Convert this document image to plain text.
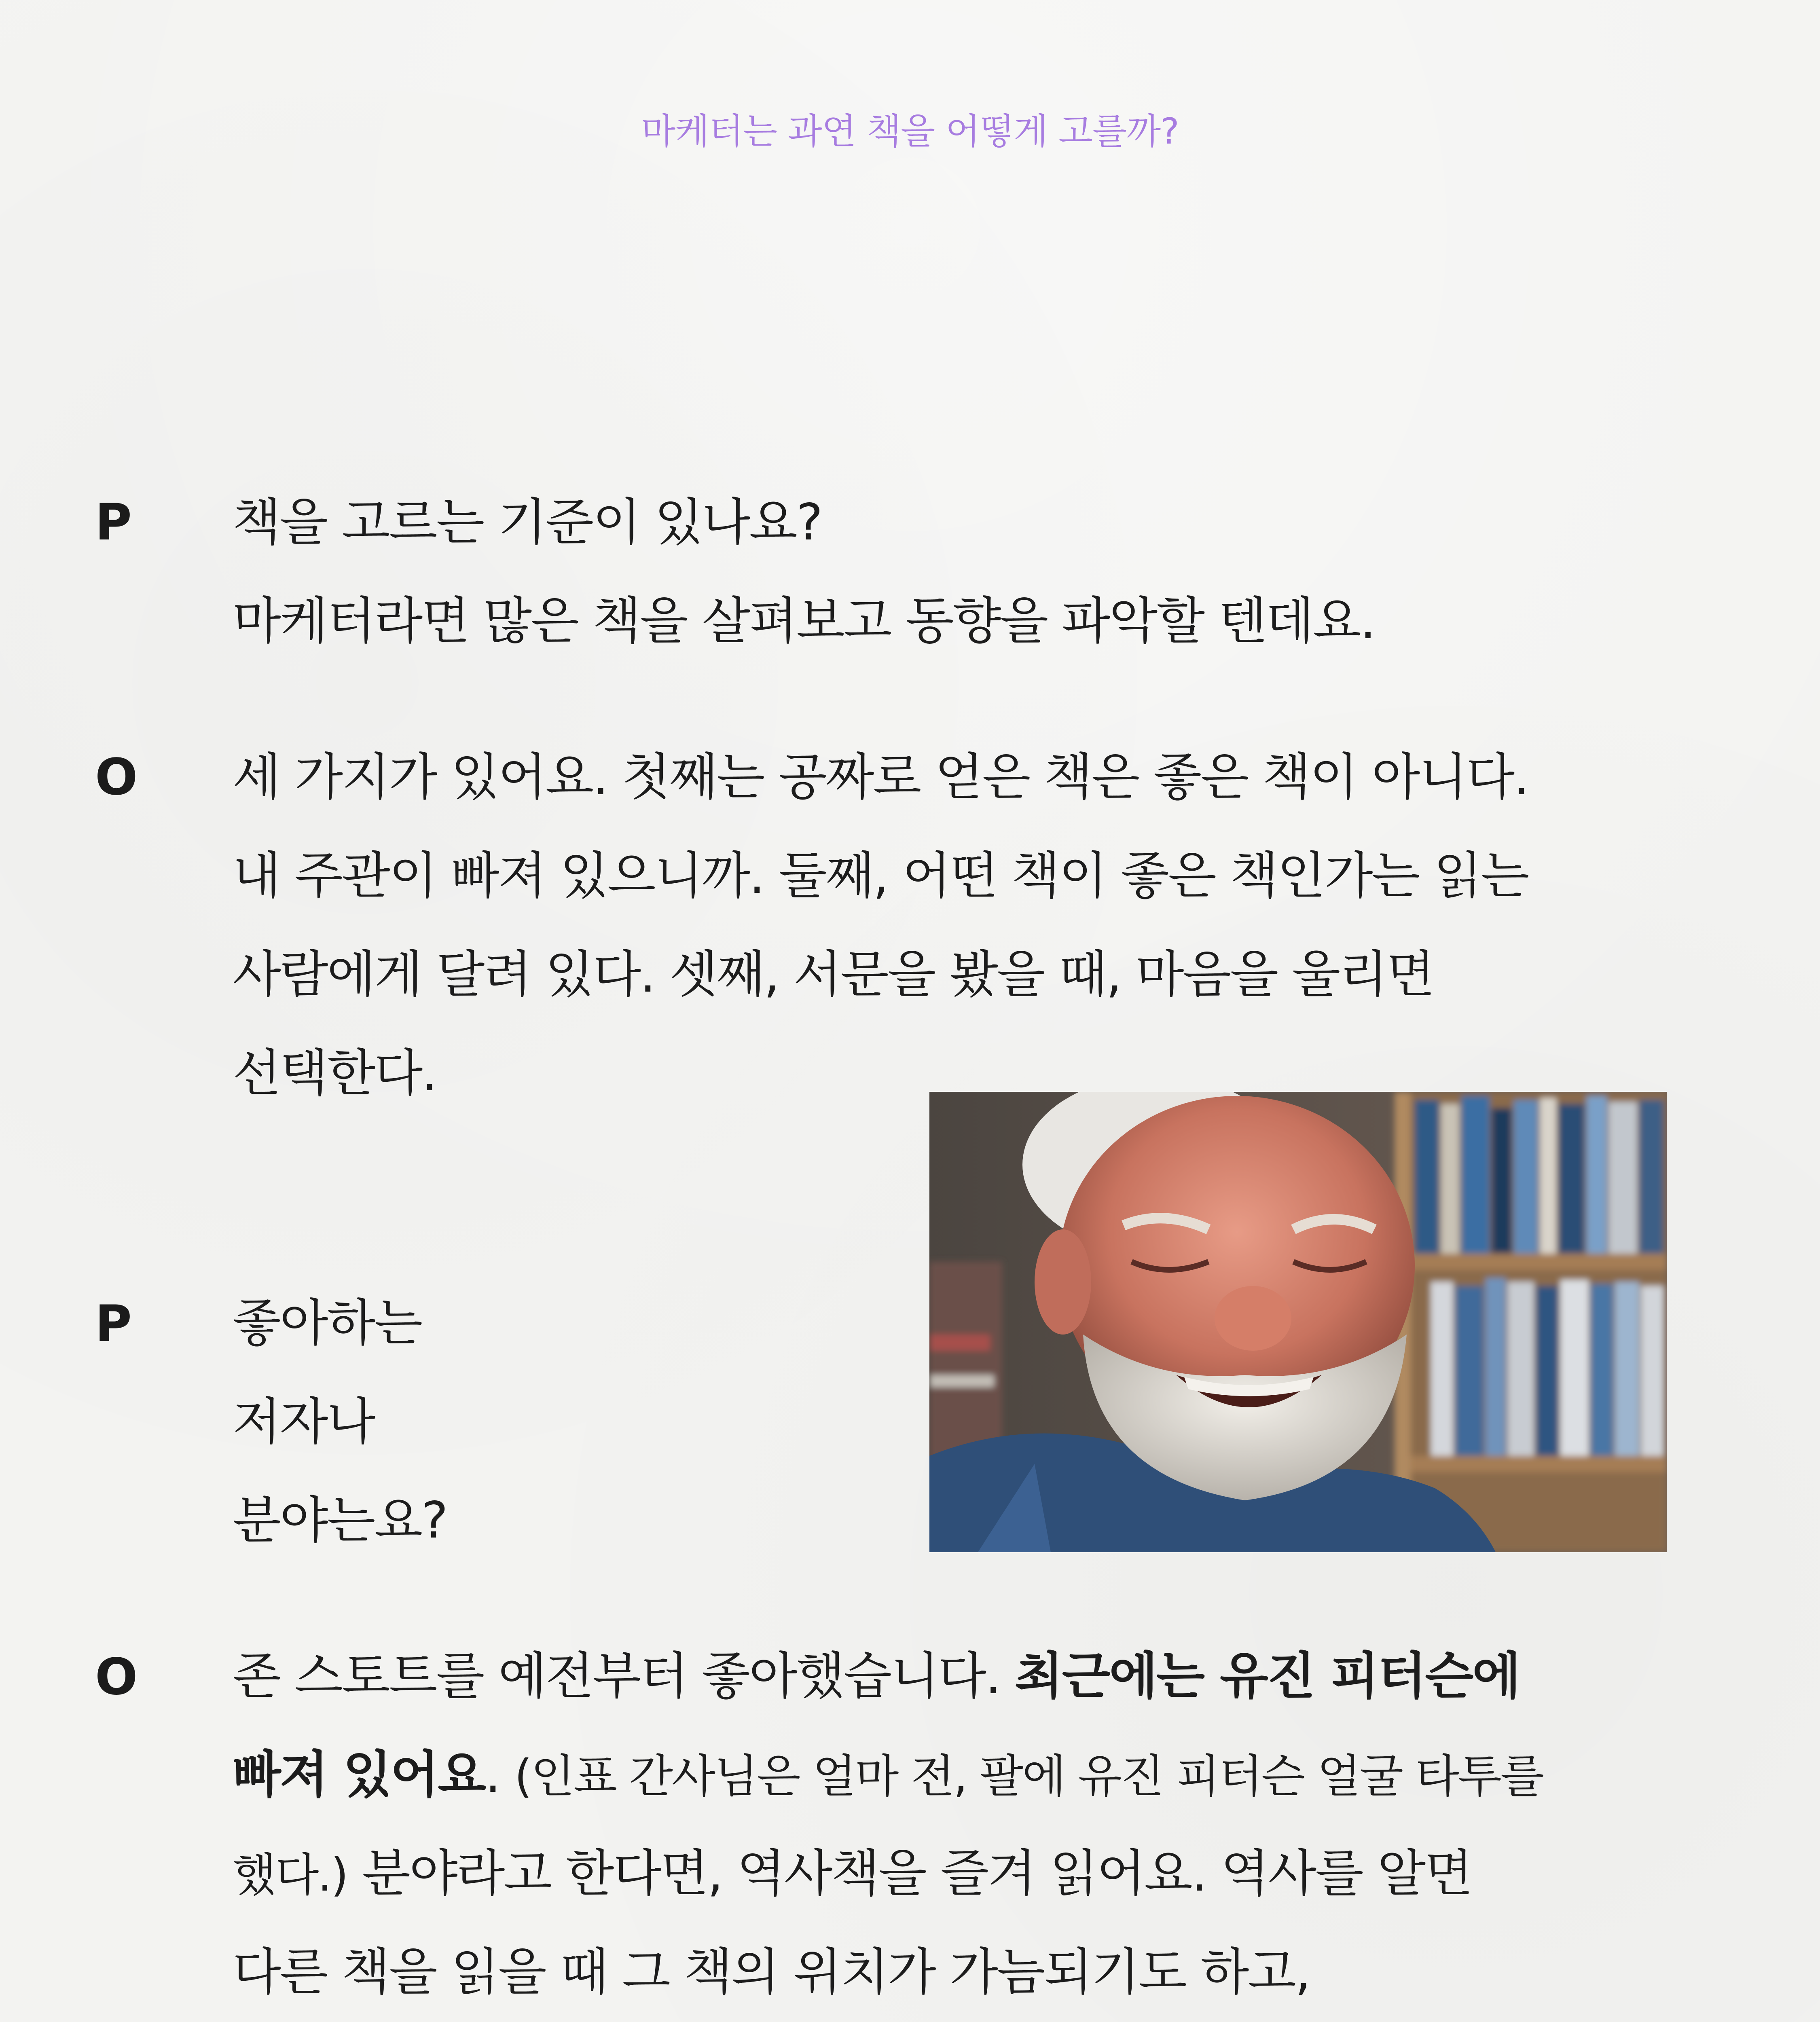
마케터는 과연 책을 어떻게 고를까?
P 책을 고르는 기준이 있나요?
마케터라면 많은 책을 살펴보고 동향을 파악할 텐데요.
O 세 가지가 있어요. 첫째는 공짜로 얻은 책은 좋은 책이 아니다.
내 주관이 빠져 있으니까. 둘째, 어떤 책이 좋은 책인가는 읽는
사람에게 달려 있다. 셋째, 서문을 봤을 때, 마음을 울리면
선택한다.
P 좋아하는
저자나
분야는요?
O 존 스토트를 예전부터 좋아했습니다. 최근에는 유진 피터슨에
빠져 있어요. (인표 간사님은 얼마 전, 팔에 유진 피터슨 얼굴 타투를
했다.) 분야라고 한다면, 역사책을 즐겨 읽어요. 역사를 알면
다른 책을 읽을 때 그 책의 위치가 가늠되기도 하고,
